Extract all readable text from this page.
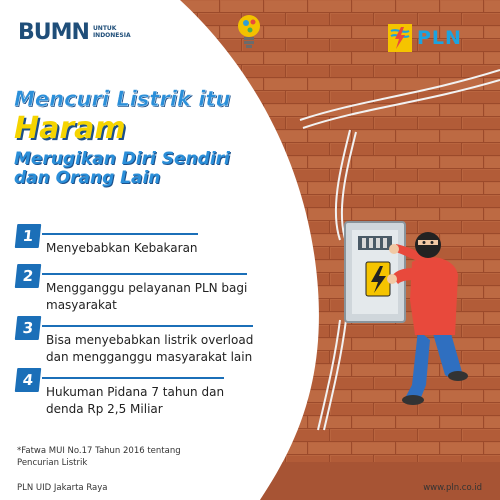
BUMN UNTUK
INDONESIA	PLN
Mencuri Listrik itu
Haram
Merugikan Diri Sendiri
dan Orang Lain
1
Menyebabkan Kebakaran
2
Mengganggu pelayanan PLN bagi
masyarakat
3
Bisa menyebabkan listrik overload
dan mengganggu masyarakat lain
4
Hukuman Pidana 7 tahun dan
denda Rp 2,5 Miliar
*Fatwa MUI No.17 Tahun 2016 tentang
Pencurian Listrik
PLN UID Jakarta Raya	www.pln.co.id
